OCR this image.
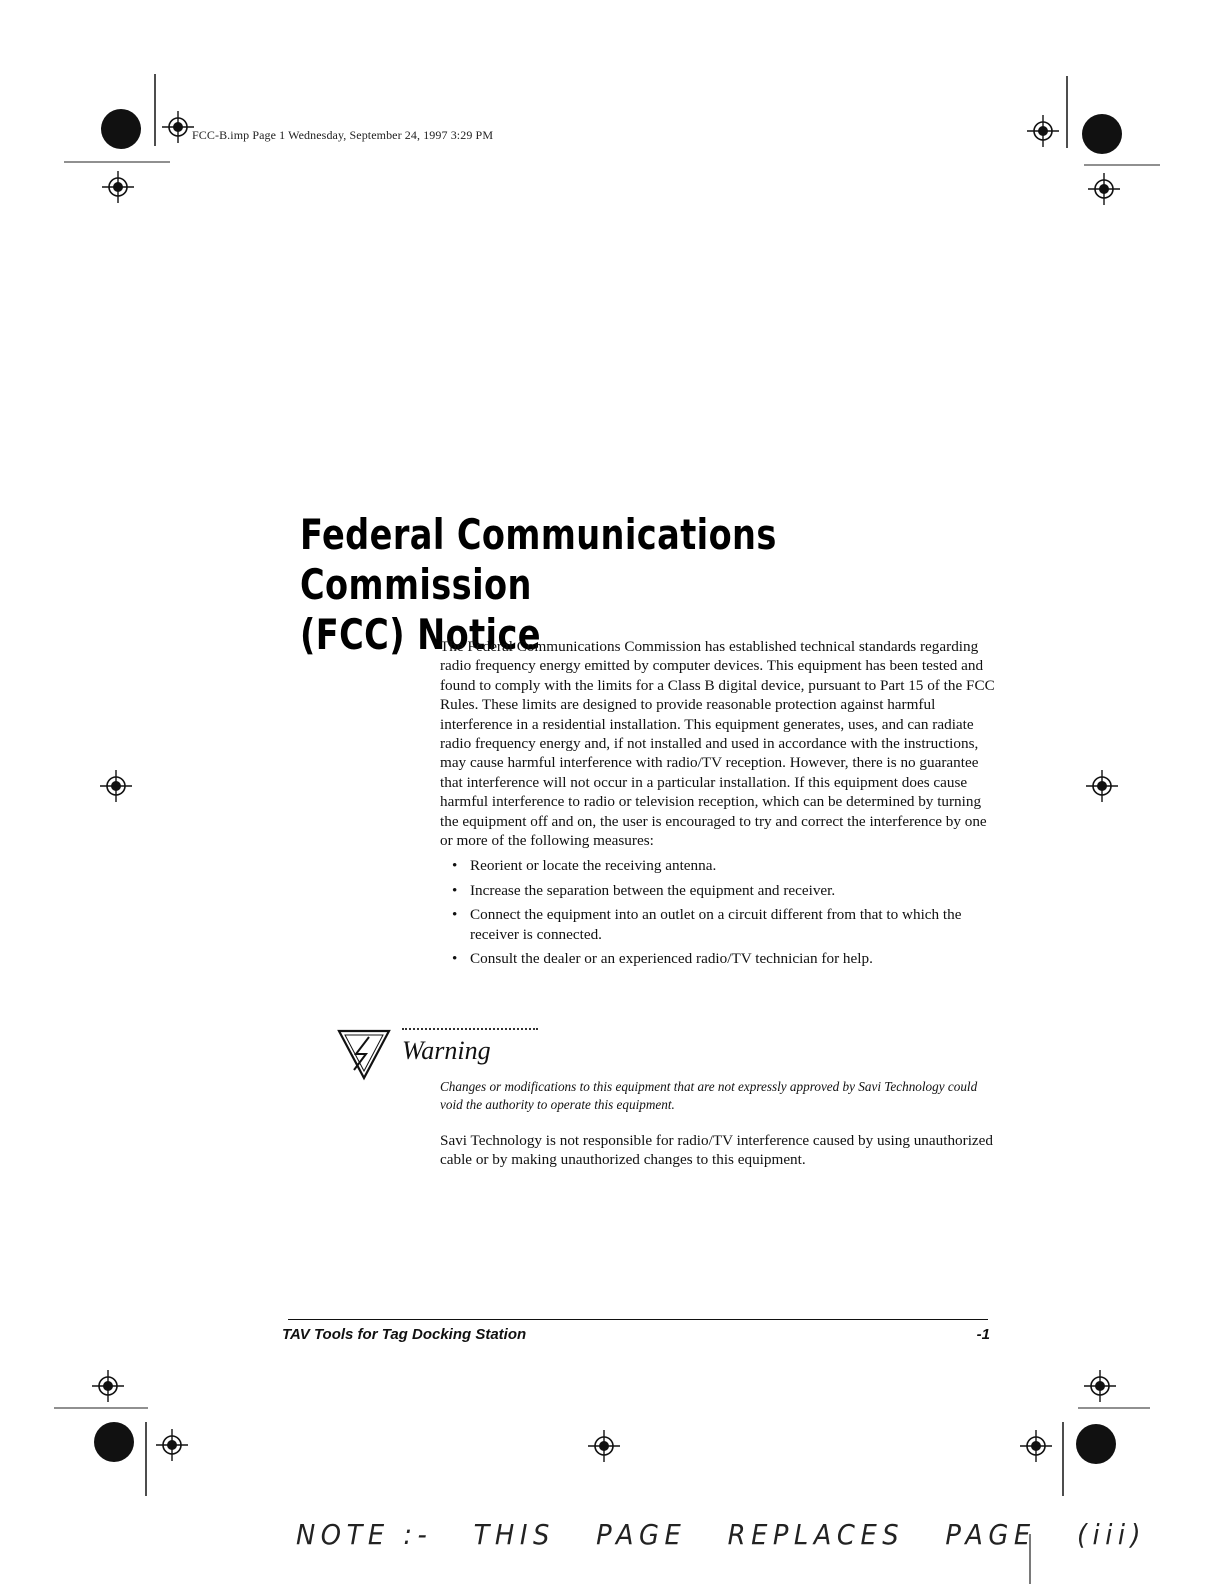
FCC-B.imp Page 1 Wednesday, September 24, 1997 3:29 PM
Federal Communications Commission
(FCC) Notice

The Federal Communications Commission has established technical standards regarding radio frequency energy emitted by computer devices. This equipment has been tested and found to comply with the limits for a Class B digital device, pursuant to Part 15 of the FCC Rules. These limits are designed to provide reasonable protection against harmful interference in a residential installation. This equipment generates, uses, and can radiate radio frequency energy and, if not installed and used in accordance with the instructions, may cause harmful interference with radio/TV reception. However, there is no guarantee that interference will not occur in a particular installation. If this equipment does cause harmful interference to radio or television reception, which can be determined by turning the equipment off and on, the user is encouraged to try and correct the interference by one or more of the following measures:

• Reorient or locate the receiving antenna.
• Increase the separation between the equipment and receiver.
• Connect the equipment into an outlet on a circuit different from that to which the receiver is connected.
• Consult the dealer or an experienced radio/TV technician for help.
Warning

Changes or modifications to this equipment that are not expressly approved by Savi Technology could void the authority to operate this equipment.

Savi Technology is not responsible for radio/TV interference caused by using unauthorized cable or by making unauthorized changes to this equipment.

TAV Tools for Tag Docking Station	-1
NOTE :- THIS PAGE REPLACES PAGE (iii)
